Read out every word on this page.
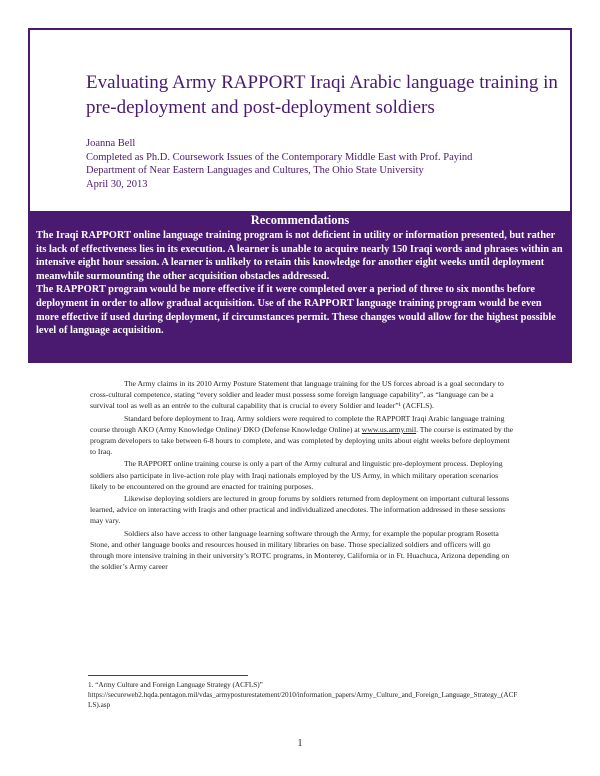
Evaluating Army RAPPORT Iraqi Arabic language training in pre-deployment and post-deployment soldiers
Joanna Bell
Completed as Ph.D. Coursework Issues of the Contemporary Middle East with Prof. Payind
Department of Near Eastern Languages and Cultures, The Ohio State University
April 30, 2013
Recommendations

The Iraqi RAPPORT online language training program is not deficient in utility or information presented, but rather its lack of effectiveness lies in its execution. A learner is unable to acquire nearly 150 Iraqi words and phrases within an intensive eight hour session. A learner is unlikely to retain this knowledge for another eight weeks until deployment meanwhile surmounting the other acquisition obstacles addressed.

The RAPPORT program would be more effective if it were completed over a period of three to six months before deployment in order to allow gradual acquisition. Use of the RAPPORT language training program would be even more effective if used during deployment, if circumstances permit. These changes would allow for the highest possible level of language acquisition.

The Army claims in its 2010 Army Posture Statement that language training for the US forces abroad is a goal secondary to cross-cultural competence, stating “every soldier and leader must possess some foreign language capability”, as “language can be a survival tool as well as an entrée to the cultural capability that is crucial to every Soldier and leader”¹ (ACFLS).

Standard before deployment to Iraq, Army soldiers were required to complete the RAPPORT Iraqi Arabic language training course through AKO (Army Knowledge Online)/ DKO (Defense Knowledge Online) at www.us.army.mil. The course is estimated by the program developers to take between 6-8 hours to complete, and was completed by deploying units about eight weeks before deployment to Iraq.

The RAPPORT online training course is only a part of the Army cultural and linguistic pre-deployment process. Deploying soldiers also participate in live-action role play with Iraqi nationals employed by the US Army, in which military operation scenarios likely to be encountered on the ground are enacted for training purposes.

Likewise deploying soldiers are lectured in group forums by soldiers returned from deployment on important cultural lessons learned, advice on interacting with Iraqis and other practical and individualized anecdotes. The information addressed in these sessions may vary.

Soldiers also have access to other language learning software through the Army, for example the popular program Rosetta Stone, and other language books and resources housed in military libraries on base. Those specialized soldiers and officers will go through more intensive training in their university’s ROTC programs, in Monterey, California or in Ft. Huachuca, Arizona depending on the soldier’s Army career

1. “Army Culture and Foreign Language Strategy (ACFLS)”
https://secureweb2.hqda.pentagon.mil/vdas_armyposturestatement/2010/information_papers/Army_Culture_and_Foreign_Language_Strategy_(ACFLS).asp
1
